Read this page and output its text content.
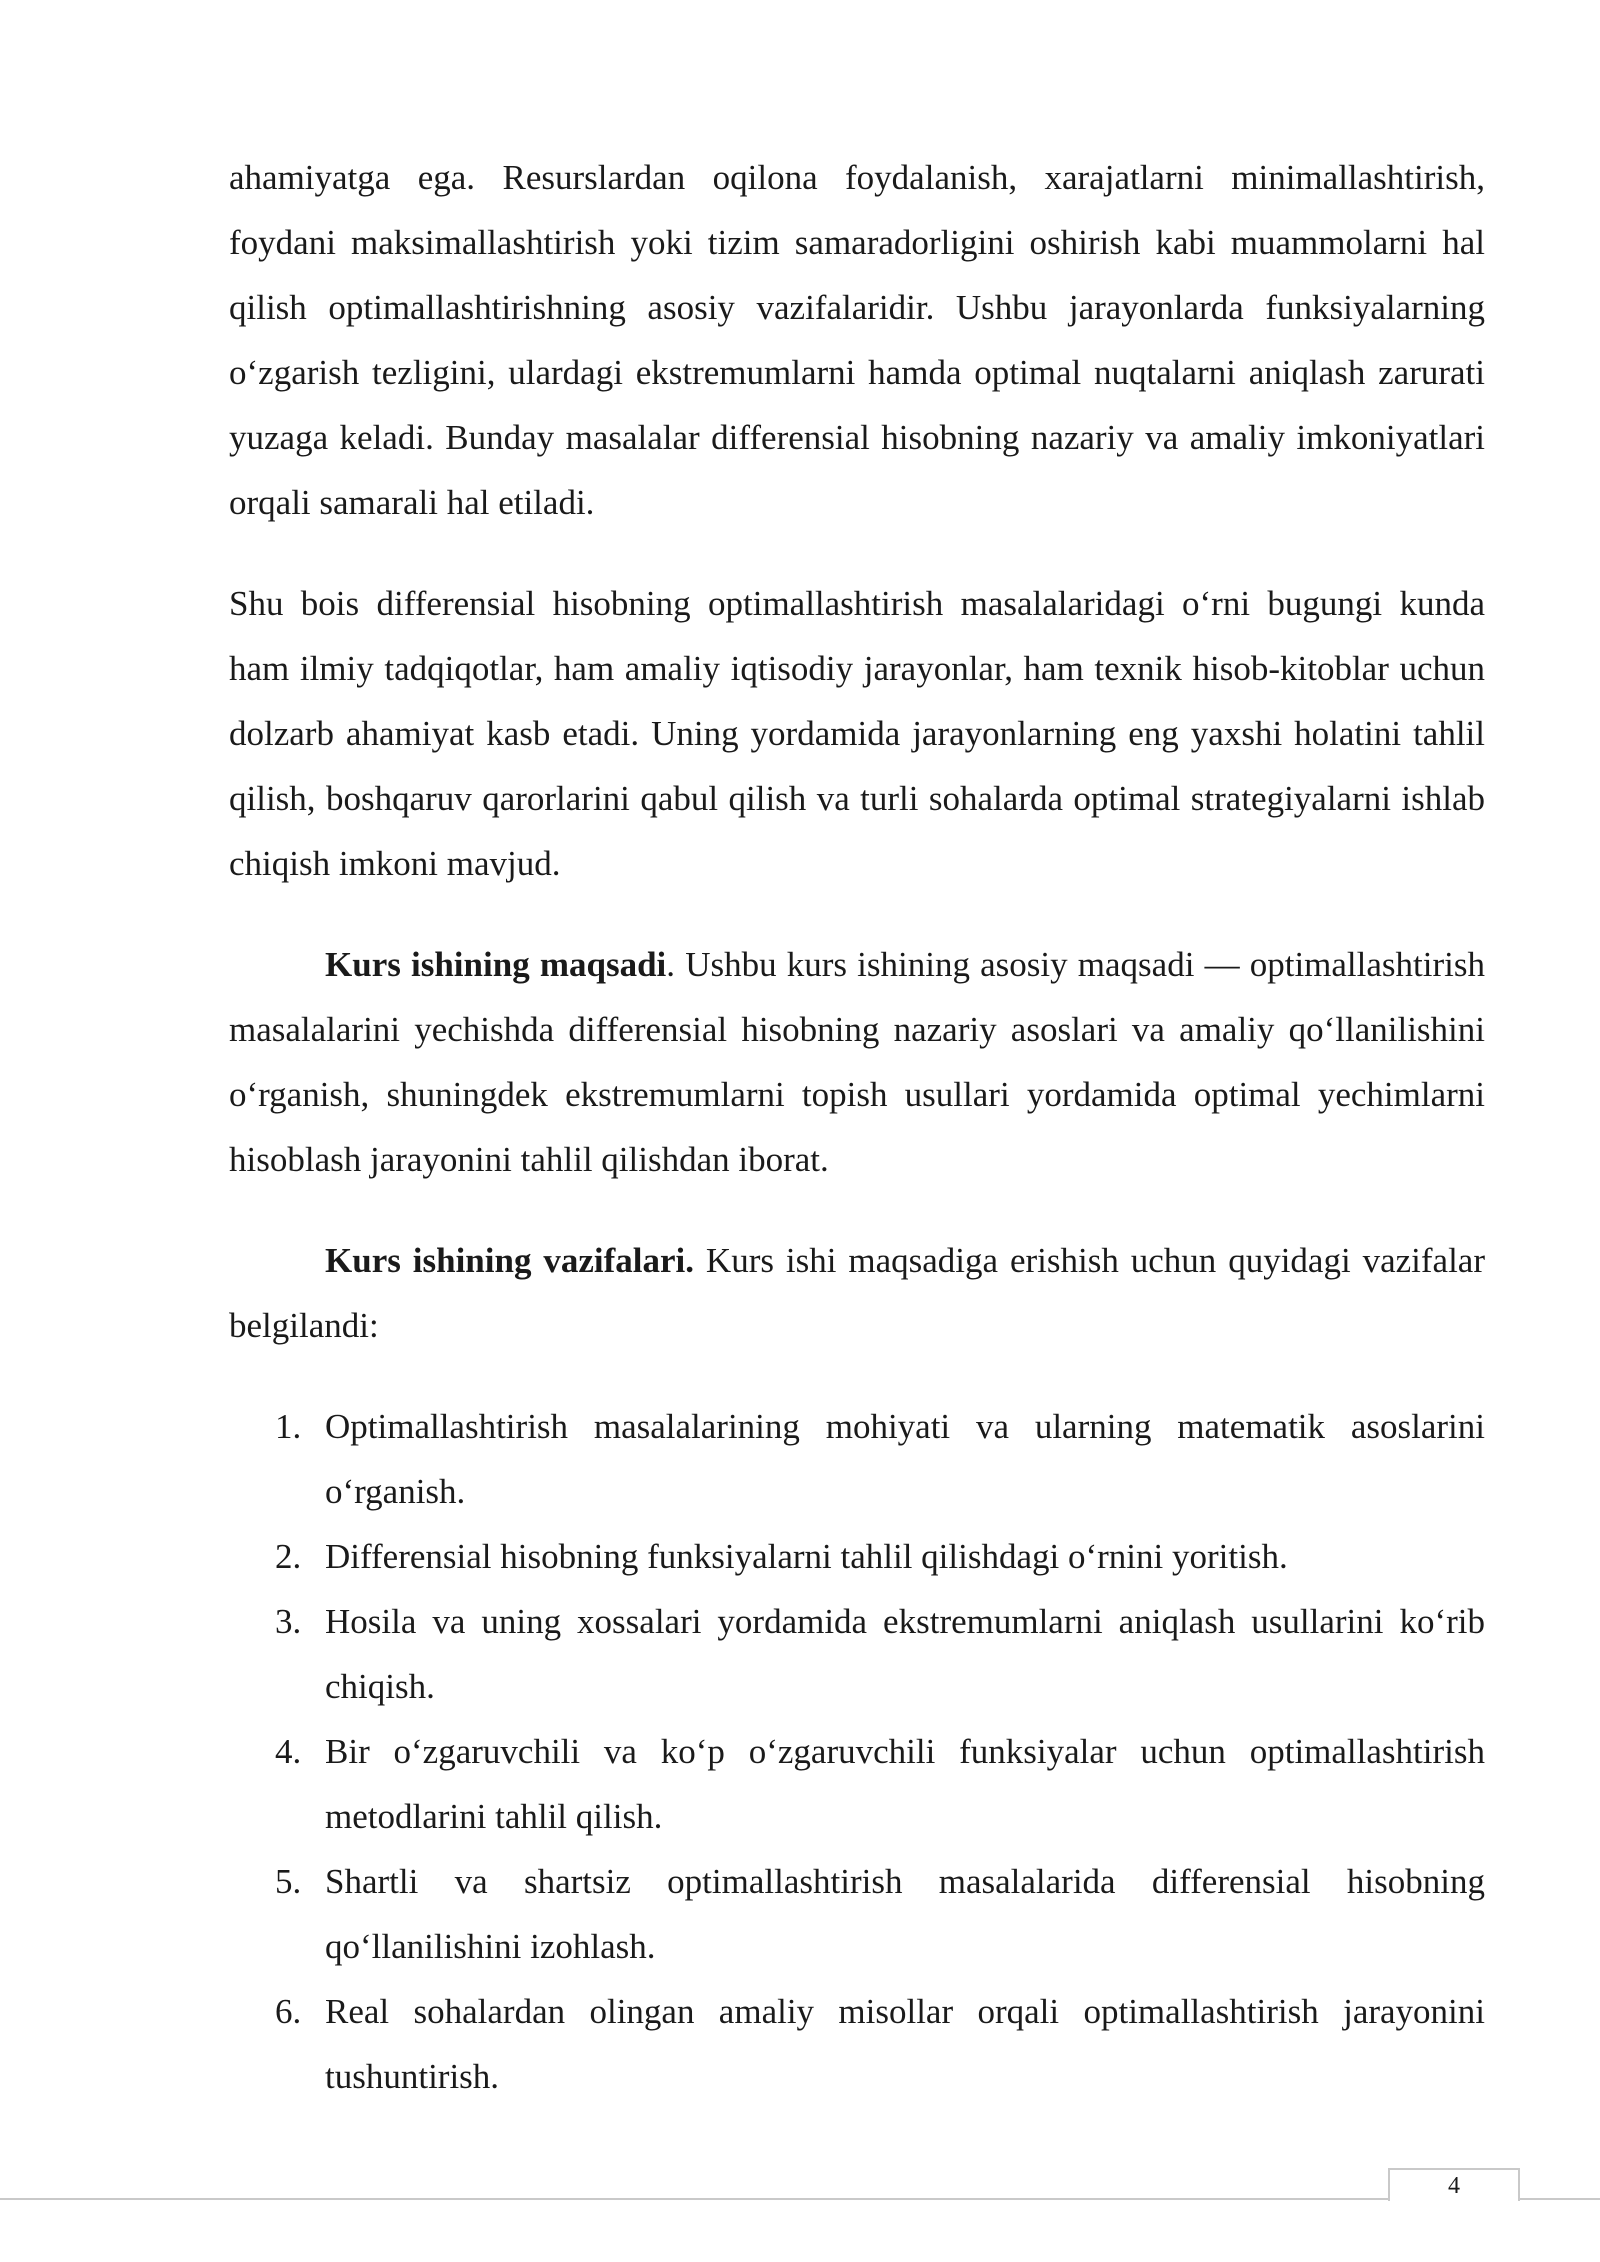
ahamiyatga ega. Resurslardan oqilona foydalanish, xarajatlarni minimallashtirish, foydani maksimallashtirish yoki tizim samaradorligini oshirish kabi muammolarni hal qilish optimallashtirishning asosiy vazifalaridir. Ushbu jarayonlarda funksiyalarning o‘zgarish tezligini, ulardagi ekstremumlarni hamda optimal nuqtalarni aniqlash zarurati yuzaga keladi. Bunday masalalar differensial hisobning nazariy va amaliy imkoniyatlari orqali samarali hal etiladi.

Shu bois differensial hisobning optimallashtirish masalalaridagi o‘rni bugungi kunda ham ilmiy tadqiqotlar, ham amaliy iqtisodiy jarayonlar, ham texnik hisob-kitoblar uchun dolzarb ahamiyat kasb etadi. Uning yordamida jarayonlarning eng yaxshi holatini tahlil qilish, boshqaruv qarorlarini qabul qilish va turli sohalarda optimal strategiyalarni ishlab chiqish imkoni mavjud.

Kurs ishining maqsadi. Ushbu kurs ishining asosiy maqsadi — optimallashtirish masalalarini yechishda differensial hisobning nazariy asoslari va amaliy qo‘llanilishini o‘rganish, shuningdek ekstremumlarni topish usullari yordamida optimal yechimlarni hisoblash jarayonini tahlil qilishdan iborat.

Kurs ishining vazifalari. Kurs ishi maqsadiga erishish uchun quyidagi vazifalar belgilandi:

1. Optimallashtirish masalalarining mohiyati va ularning matematik asoslarini o‘rganish.
2. Differensial hisobning funksiyalarni tahlil qilishdagi o‘rnini yoritish.
3. Hosila va uning xossalari yordamida ekstremumlarni aniqlash usullarini ko‘rib chiqish.
4. Bir o‘zgaruvchili va ko‘p o‘zgaruvchili funksiyalar uchun optimallashtirish metodlarini tahlil qilish.
5. Shartli va shartsiz optimallashtirish masalalarida differensial hisobning qo‘llanilishini izohlash.
6. Real sohalardan olingan amaliy misollar orqali optimallashtirish jarayonini tushuntirish.
4
